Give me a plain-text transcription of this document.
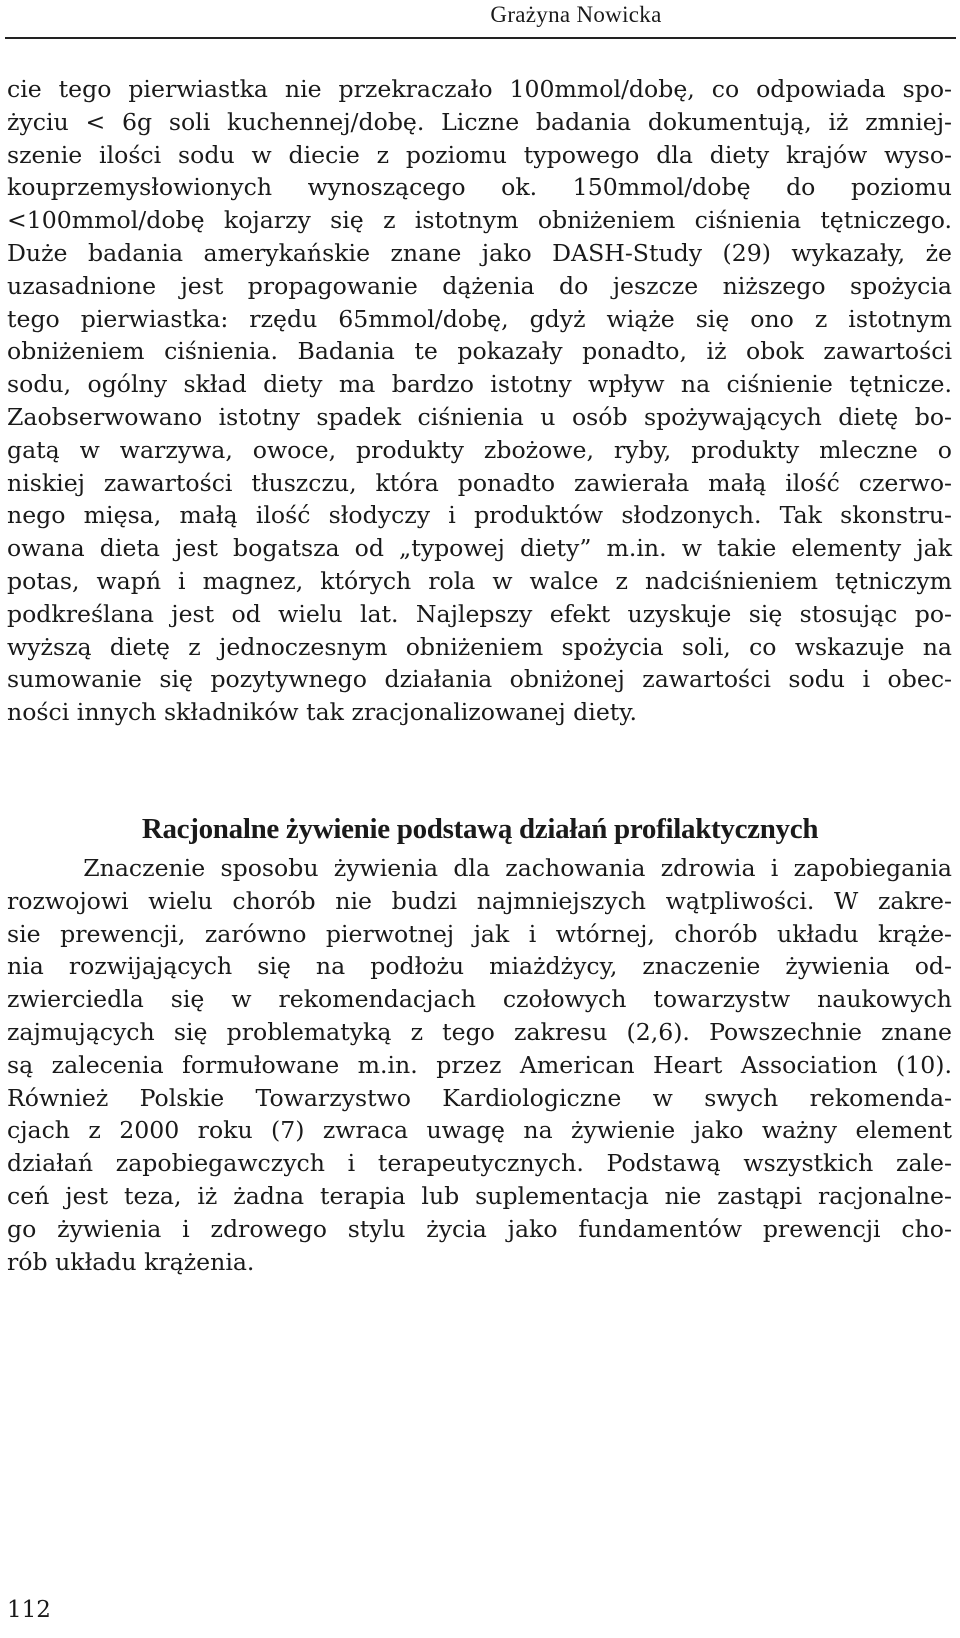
Grażyna Nowicka
cie tego pierwiastka nie przekraczało 100mmol/dobę, co odpowiada spo-
życiu < 6g soli kuchennej/dobę. Liczne badania dokumentują, iż zmniej-
szenie ilości sodu w diecie z poziomu typowego dla diety krajów wyso-
kouprzemysłowionych wynoszącego ok. 150mmol/dobę do poziomu
<100mmol/dobę kojarzy się z istotnym obniżeniem ciśnienia tętniczego.
Duże badania amerykańskie znane jako DASH-Study (29) wykazały, że
uzasadnione jest propagowanie dążenia do jeszcze niższego spożycia
tego pierwiastka: rzędu 65mmol/dobę, gdyż wiąże się ono z istotnym
obniżeniem ciśnienia. Badania te pokazały ponadto, iż obok zawartości
sodu, ogólny skład diety ma bardzo istotny wpływ na ciśnienie tętnicze.
Zaobserwowano istotny spadek ciśnienia u osób spożywających dietę bo-
gatą w warzywa, owoce, produkty zbożowe, ryby, produkty mleczne o
niskiej zawartości tłuszczu, która ponadto zawierała małą ilość czerwo-
nego mięsa, małą ilość słodyczy i produktów słodzonych. Tak skonstru-
owana dieta jest bogatsza od „typowej diety” m.in. w takie elementy jak
potas, wapń i magnez, których rola w walce z nadciśnieniem tętniczym
podkreślana jest od wielu lat. Najlepszy efekt uzyskuje się stosując po-
wyższą dietę z jednoczesnym obniżeniem spożycia soli, co wskazuje na
sumowanie się pozytywnego działania obniżonej zawartości sodu i obec-
ności innych składników tak zracjonalizowanej diety.
Racjonalne żywienie podstawą działań profilaktycznych
Znaczenie sposobu żywienia dla zachowania zdrowia i zapobiegania
rozwojowi wielu chorób nie budzi najmniejszych wątpliwości. W zakre-
sie prewencji, zarówno pierwotnej jak i wtórnej, chorób układu krąże-
nia rozwijających się na podłożu miażdżycy, znaczenie żywienia od-
zwierciedla się w rekomendacjach czołowych towarzystw naukowych
zajmujących się problematyką z tego zakresu (2,6). Powszechnie znane
są zalecenia formułowane m.in. przez American Heart Association (10).
Również Polskie Towarzystwo Kardiologiczne w swych rekomenda-
cjach z 2000 roku (7) zwraca uwagę na żywienie jako ważny element
działań zapobiegawczych i terapeutycznych. Podstawą wszystkich zale-
ceń jest teza, iż żadna terapia lub suplementacja nie zastąpi racjonalne-
go żywienia i zdrowego stylu życia jako fundamentów prewencji cho-
rób układu krążenia.
112
